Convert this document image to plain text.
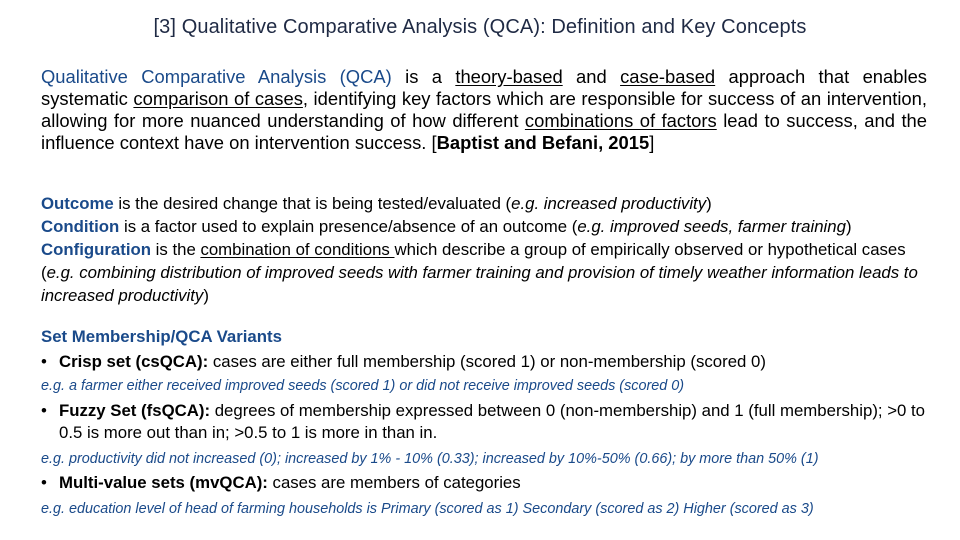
[3] Qualitative Comparative Analysis (QCA): Definition and Key Concepts
Qualitative Comparative Analysis (QCA) is a theory-based and case-based approach that enables systematic comparison of cases, identifying key factors which are responsible for success of an intervention, allowing for more nuanced understanding of how different combinations of factors lead to success, and the influence context have on intervention success. [Baptist and Befani, 2015]

Outcome is the desired change that is being tested/evaluated (e.g. increased productivity)

Condition is a factor used to explain presence/absence of an outcome (e.g. improved seeds, farmer training)

Configuration is the combination of conditions which describe a group of empirically observed or hypothetical cases (e.g. combining distribution of improved seeds with farmer training and provision of timely weather information leads to increased productivity)

Set Membership/QCA Variants

• Crisp set (csQCA): cases are either full membership (scored 1) or non-membership (scored 0)

e.g. a farmer either received improved seeds (scored 1) or did not receive improved seeds (scored 0)

• Fuzzy Set (fsQCA): degrees of membership expressed between 0 (non-membership) and 1 (full membership); >0 to 0.5 is more out than in; >0.5 to 1 is more in than in.

e.g. productivity did not increased (0); increased by 1% - 10% (0.33); increased by 10%-50% (0.66); by more than 50% (1)

• Multi-value sets (mvQCA): cases are members of categories

e.g. education level of head of farming households is Primary (scored as 1) Secondary (scored as 2) Higher (scored as 3)
